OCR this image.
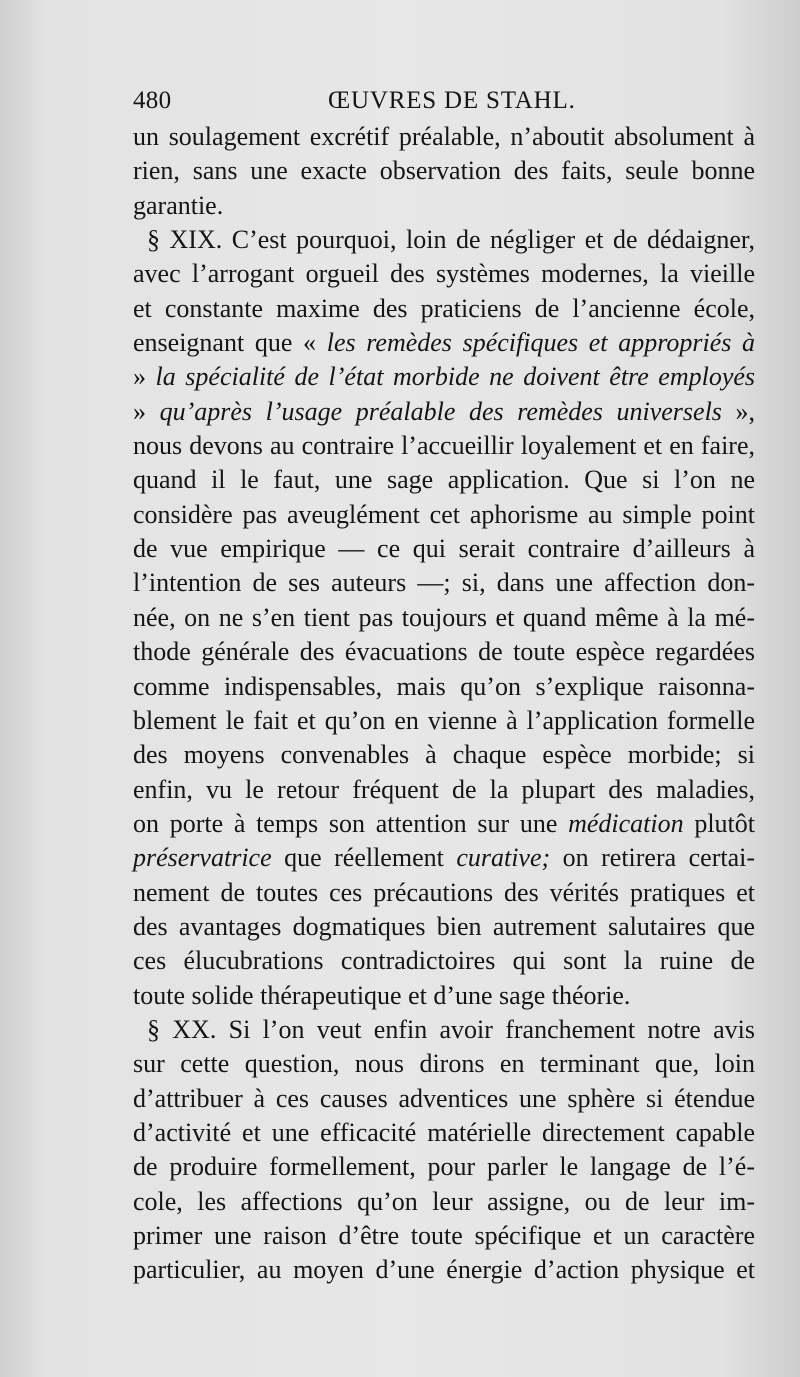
480	ŒUVRES DE STAHL.
un soulagement excrétif préalable, n’aboutit absolument à
rien, sans une exacte observation des faits, seule bonne
garantie.
§ XIX. C’est pourquoi, loin de négliger et de dédaigner,
avec l’arrogant orgueil des systèmes modernes, la vieille
et constante maxime des praticiens de l’ancienne école,
enseignant que « les remèdes spécifiques et appropriés à
» la spécialité de l’état morbide ne doivent être employés
» qu’après l’usage préalable des remèdes universels »,
nous devons au contraire l’accueillir loyalement et en faire,
quand il le faut, une sage application. Que si l’on ne
considère pas aveuglément cet aphorisme au simple point
de vue empirique — ce qui serait contraire d’ailleurs à
l’intention de ses auteurs —; si, dans une affection don-
née, on ne s’en tient pas toujours et quand même à la mé-
thode générale des évacuations de toute espèce regardées
comme indispensables, mais qu’on s’explique raisonna-
blement le fait et qu’on en vienne à l’application formelle
des moyens convenables à chaque espèce morbide; si
enfin, vu le retour fréquent de la plupart des maladies,
on porte à temps son attention sur une médication plutôt
préservatrice que réellement curative; on retirera certai-
nement de toutes ces précautions des vérités pratiques et
des avantages dogmatiques bien autrement salutaires que
ces élucubrations contradictoires qui sont la ruine de
toute solide thérapeutique et d’une sage théorie.
§ XX. Si l’on veut enfin avoir franchement notre avis
sur cette question, nous dirons en terminant que, loin
d’attribuer à ces causes adventices une sphère si étendue
d’activité et une efficacité matérielle directement capable
de produire formellement, pour parler le langage de l’é-
cole, les affections qu’on leur assigne, ou de leur im-
primer une raison d’être toute spécifique et un caractère
particulier, au moyen d’une énergie d’action physique et
